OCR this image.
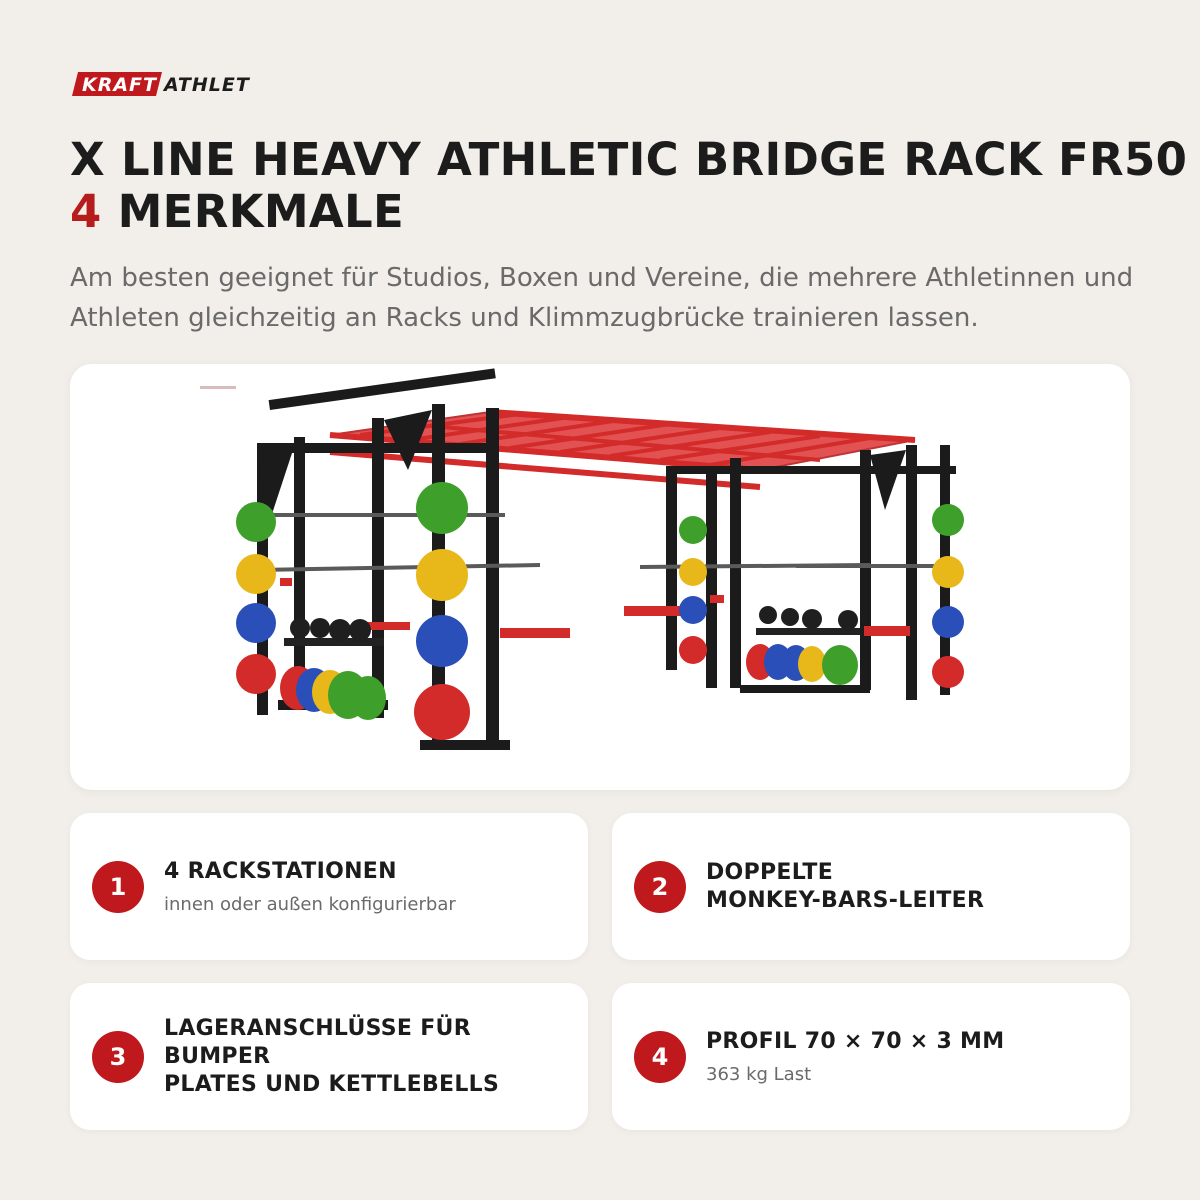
KRAFT ATHLET
X LINE HEAVY ATHLETIC BRIDGE RACK FR50
4 MERKMALE

Am besten geeignet für Studios, Boxen und Vereine, die mehrere Athletinnen und Athleten gleichzeitig an Racks und Klimmzugbrücke trainieren lassen.

1
4 RACKSTATIONEN
innen oder außen konfigurierbar
2
DOPPELTE
MONKEY-BARS-LEITER
3
LAGERANSCHLÜSSE FÜR BUMPER
PLATES UND KETTLEBELLS
4
PROFIL 70 × 70 × 3 MM
363 kg Last
